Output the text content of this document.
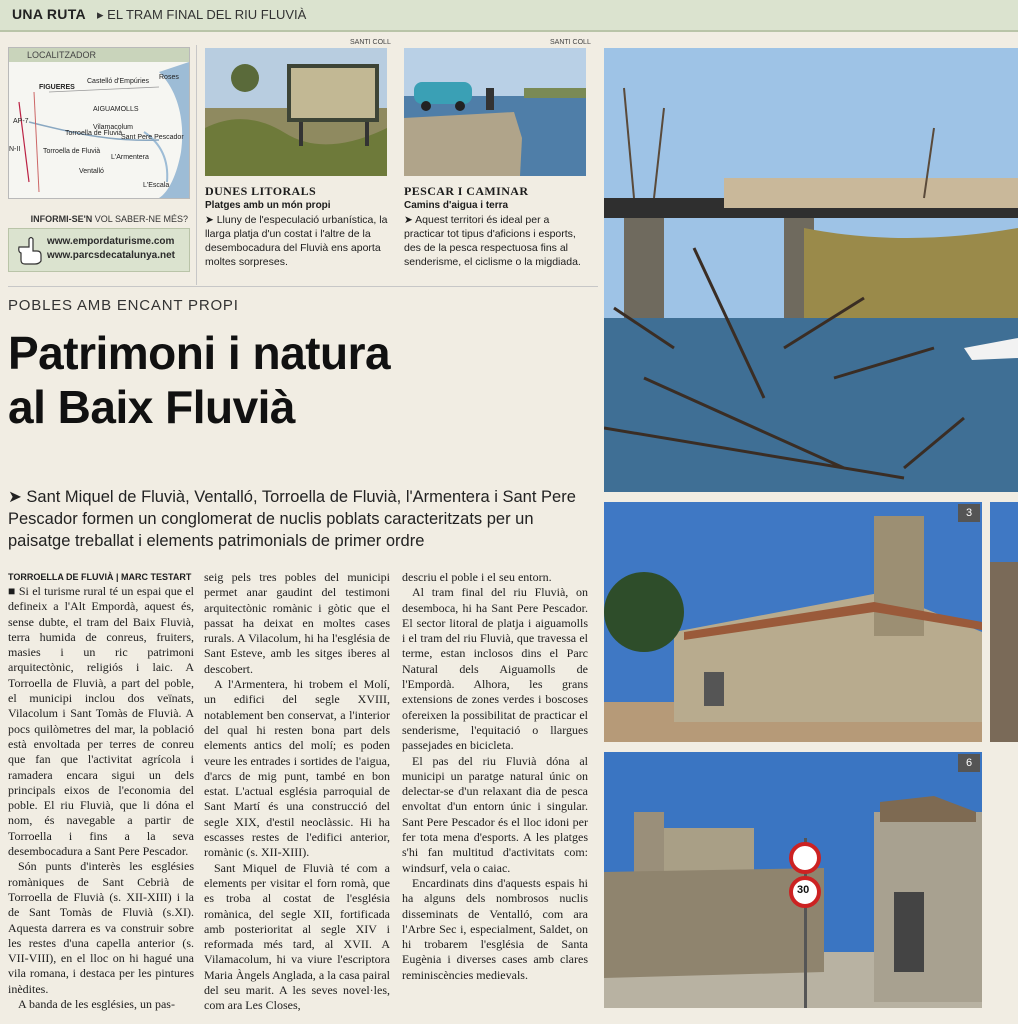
UNA RUTA ▸ EL TRAM FINAL DEL RIU FLUVIÀ
LOCALITZADOR
FIGUERES
Castelló d'Empúries
Roses
AIGUAMOLLS
Vilamacolum
Torroella de Fluvià
Sant Pere Pescador
Torroella de Fluvià
L'Armentera
Ventalló
L'Escala
AP-7
N-II
INFORMI-SE'N VOL SABER-NE MÉS?
www.empordaturisme.com
www.parcsdecatalunya.net
SANTI COLL
DUNES LITORALS
Platges amb un món propi
➤ Lluny de l'especulació urbanística, la llarga platja d'un costat i l'altre de la desembocadura del Fluvià ens aporta moltes sorpreses.
SANTI COLL
PESCAR I CAMINAR
Camins d'aigua i terra
➤ Aquest territori és ideal per a practicar tot tipus d'aficions i esports, des de la pesca respectuosa fins al senderisme, el ciclisme o la migdiada.
POBLES AMB ENCANT PROPI
Patrimoni i natura
al Baix Fluvià
➤ Sant Miquel de Fluvià, Ventalló, Torroella de Fluvià, l'Armentera i Sant Pere Pescador formen un conglomerat de nuclis poblats caracteritzats per un paisatge treballat i elements patrimonials de primer ordre
TORROELLA DE FLUVIÀ | MARC TESTART

■ Si el turisme rural té un espai que el defineix a l'Alt Empordà, aquest és, sense dubte, el tram del Baix Fluvià, terra humida de conreus, fruiters, masies i un ric patrimoni arquitectònic, religiós i laic. A Torroella de Fluvià, a part del poble, el municipi inclou dos veïnats, Vilacolum i Sant Tomàs de Fluvià. A pocs quilòmetres del mar, la població està envoltada per terres de conreu que fan que l'activitat agrícola i ramadera encara sigui un dels principals eixos de l'economia del poble. El riu Fluvià, que li dóna el nom, és navegable a partir de Torroella i fins a la seva desembocadura a Sant Pere Pescador.

Són punts d'interès les esglésies romàniques de Sant Cebrià de Torroella de Fluvià (s. XII-XIII) i la de Sant Tomàs de Fluvià (s.XI). Aquesta darrera es va construir sobre les restes d'una capella anterior (s. VII-VIII), en el lloc on hi hagué una vila romana, i destaca per les pintures inèdites.

A banda de les esglésies, un pas-

seig pels tres pobles del municipi permet anar gaudint del testimoni arquitectònic romànic i gòtic que el passat ha deixat en moltes cases rurals. A Vilacolum, hi ha l'església de Sant Esteve, amb les sitges iberes al descobert.

A l'Armentera, hi trobem el Molí, un edifici del segle XVIII, notablement ben conservat, a l'interior del qual hi resten bona part dels elements antics del molí; es poden veure les entrades i sortides de l'aigua, d'arcs de mig punt, també en bon estat. L'actual església parroquial de Sant Martí és una construcció del segle XIX, d'estil neoclàssic. Hi ha escasses restes de l'edifici anterior, romànic (s. XII-XIII).

Sant Miquel de Fluvià té com a elements per visitar el forn romà, que es troba al costat de l'església romànica, del segle XII, fortificada amb posterioritat al segle XIV i reformada més tard, al XVII. A Vilamacolum, hi va viure l'escriptora Maria Àngels Anglada, a la casa pairal del seu marit. A les seves novel·les, com ara Les Closes,

descriu el poble i el seu entorn.

Al tram final del riu Fluvià, on desemboca, hi ha Sant Pere Pescador. El sector litoral de platja i aiguamolls i el tram del riu Fluvià, que travessa el terme, estan inclosos dins el Parc Natural dels Aiguamolls de l'Empordà. Alhora, les grans extensions de zones verdes i boscoses ofereixen la possibilitat de practicar el senderisme, l'equitació o llargues passejades en bicicleta.

El pas del riu Fluvià dóna al municipi un paratge natural únic on delectar-se d'un relaxant dia de pesca envoltat d'un entorn únic i singular. Sant Pere Pescador és el lloc idoni per fer tota mena d'esports. A les platges s'hi fan multitud d'activitats com: windsurf, vela o caiac.

Encardinats dins d'aquests espais hi ha alguns dels nombrosos nuclis disseminats de Ventalló, com ara l'Arbre Sec i, especialment, Saldet, on hi trobarem l'església de Santa Eugènia i diverses cases amb clares reminiscències medievals.

3
30
6
